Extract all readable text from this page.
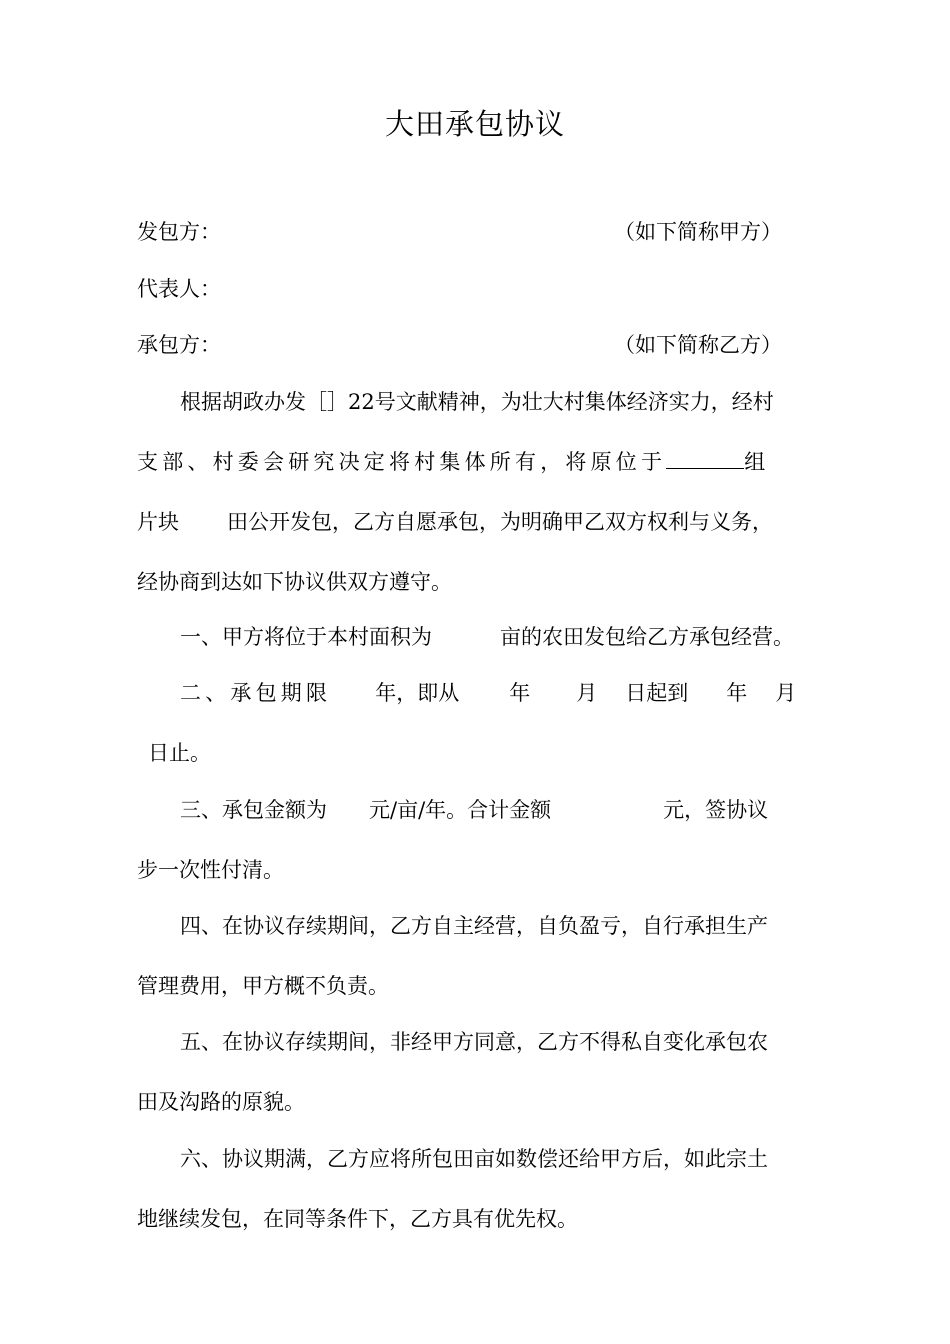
大田承包协议
发包方：	（如下简称甲方）
代表人：
承包方：	（如下简称乙方）
根据胡政办发［］22号文献精神，为壮大村集体经济实力，经村
支部、村委会研究决定将村集体所有，将原位于	组
片块 田公开发包，乙方自愿承包，为明确甲乙双方权利与义务，
经协商到达如下协议供双方遵守。
一、甲方将位于本村面积为	亩的农田发包给乙方承包经营。
二、承包期限 年，即从 年 月 日起到 年 月
日止。
三、承包金额为 元/亩/年。合计金额	元，签协议
步一次性付清。
四、在协议存续期间，乙方自主经营，自负盈亏，自行承担生产
管理费用，甲方概不负责。
五、在协议存续期间，非经甲方同意，乙方不得私自变化承包农
田及沟路的原貌。
六、协议期满，乙方应将所包田亩如数偿还给甲方后，如此宗土
地继续发包，在同等条件下，乙方具有优先权。
